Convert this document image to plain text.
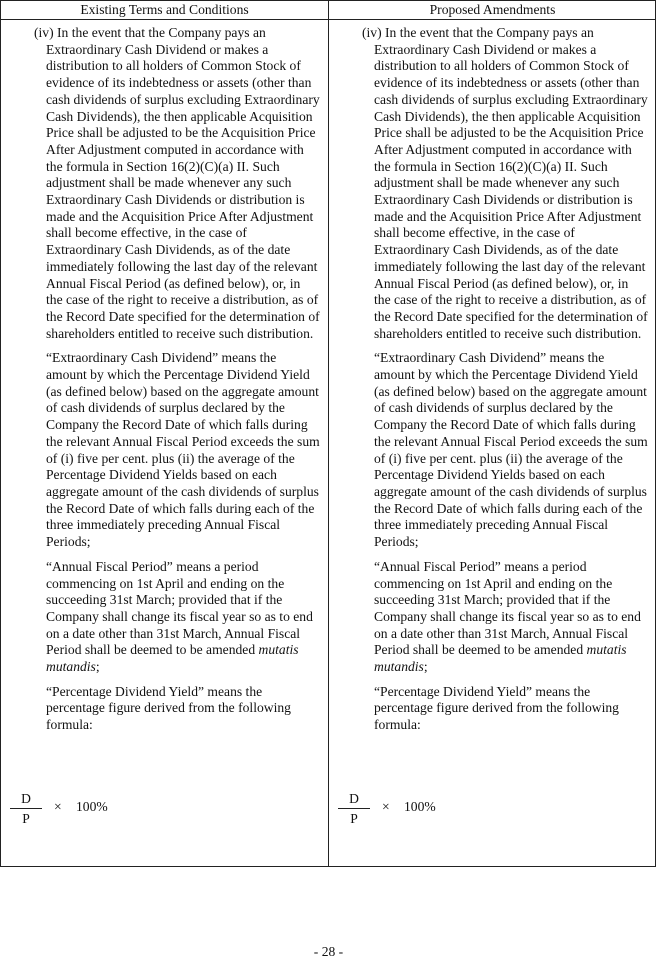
Existing Terms and Conditions	Proposed Amendments

(iv) In the event that the Company pays an Extraordinary Cash Dividend or makes a distribution to all holders of Common Stock of evidence of its indebtedness or assets (other than cash dividends of surplus excluding Extraordinary Cash Dividends), the then applicable Acquisition Price shall be adjusted to be the Acquisition Price After Adjustment computed in accordance with the formula in Section 16(2)(C)(a) II. Such adjustment shall be made whenever any such Extraordinary Cash Dividends or distribution is made and the Acquisition Price After Adjustment shall become effective, in the case of Extraordinary Cash Dividends, as of the date immediately following the last day of the relevant Annual Fiscal Period (as defined below), or, in the case of the right to receive a distribution, as of the Record Date specified for the determination of shareholders entitled to receive such distribution.

“Extraordinary Cash Dividend” means the amount by which the Percentage Dividend Yield (as defined below) based on the aggregate amount of cash dividends of surplus declared by the Company the Record Date of which falls during the relevant Annual Fiscal Period exceeds the sum of (i) five per cent. plus (ii) the average of the Percentage Dividend Yields based on each aggregate amount of the cash dividends of surplus the Record Date of which falls during each of the three immediately preceding Annual Fiscal Periods;

“Annual Fiscal Period” means a period commencing on 1st April and ending on the succeeding 31st March; provided that if the Company shall change its fiscal year so as to end on a date other than 31st March, Annual Fiscal Period shall be deemed to be amended mutatis mutandis;

“Percentage Dividend Yield” means the percentage figure derived from the following formula:

(iv) In the event that the Company pays an Extraordinary Cash Dividend or makes a distribution to all holders of Common Stock of evidence of its indebtedness or assets (other than cash dividends of surplus excluding Extraordinary Cash Dividends), the then applicable Acquisition Price shall be adjusted to be the Acquisition Price After Adjustment computed in accordance with the formula in Section 16(2)(C)(a) II. Such adjustment shall be made whenever any such Extraordinary Cash Dividends or distribution is made and the Acquisition Price After Adjustment shall become effective, in the case of Extraordinary Cash Dividends, as of the date immediately following the last day of the relevant Annual Fiscal Period (as defined below), or, in the case of the right to receive a distribution, as of the Record Date specified for the determination of shareholders entitled to receive such distribution.

“Extraordinary Cash Dividend” means the amount by which the Percentage Dividend Yield (as defined below) based on the aggregate amount of cash dividends of surplus declared by the Company the Record Date of which falls during the relevant Annual Fiscal Period exceeds the sum of (i) five per cent. plus (ii) the average of the Percentage Dividend Yields based on each aggregate amount of the cash dividends of surplus the Record Date of which falls during each of the three immediately preceding Annual Fiscal Periods;

“Annual Fiscal Period” means a period commencing on 1st April and ending on the succeeding 31st March; provided that if the Company shall change its fiscal year so as to end on a date other than 31st March, Annual Fiscal Period shall be deemed to be amended mutatis mutandis;

“Percentage Dividend Yield” means the percentage figure derived from the following formula:

D
P
× 100%
D
P
× 100%
- 28 -
